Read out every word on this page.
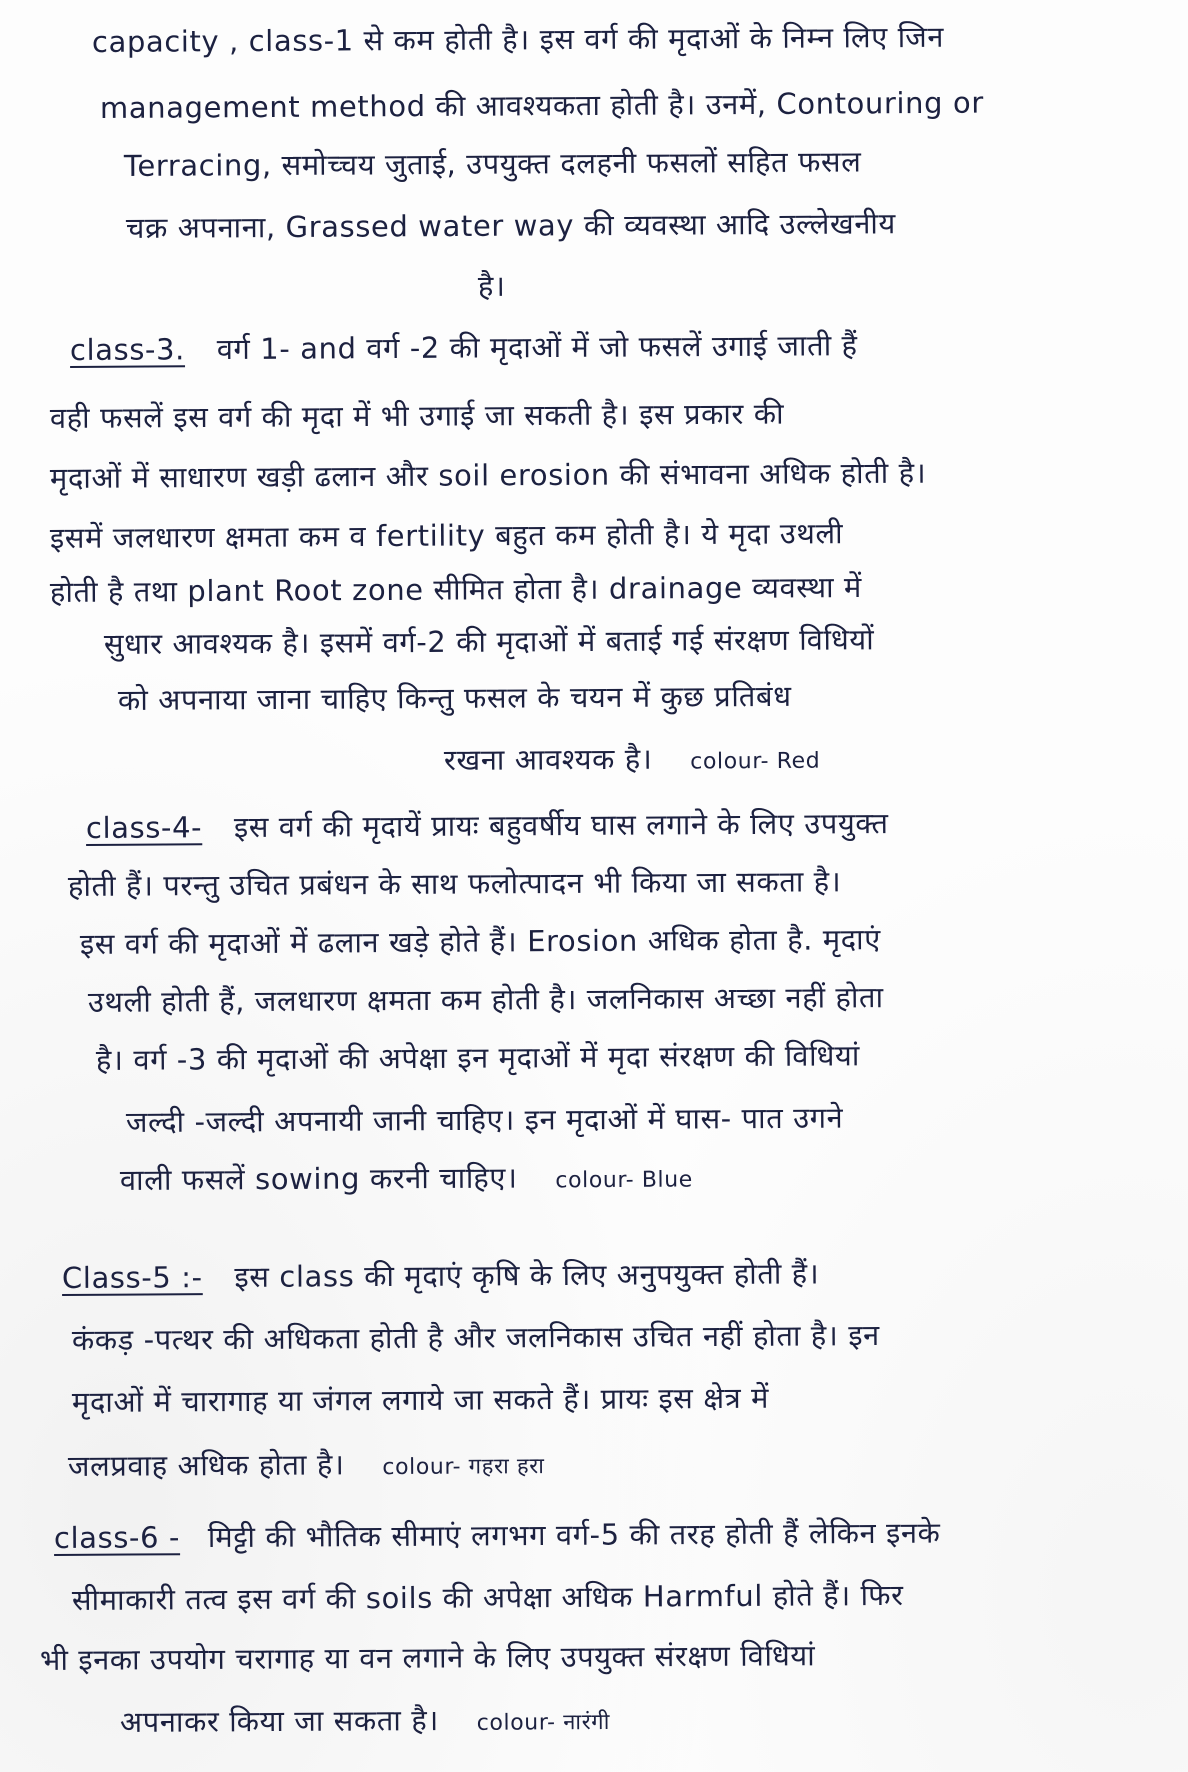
capacity , class-1 से कम होती है। इस वर्ग की मृदाओं के निम्न लिए जिन
management method की आवश्यकता होती है। उनमें, Contouring or
Terracing, समोच्चय जुताई, उपयुक्त दलहनी फसलों सहित फसल
चक्र अपनाना, Grassed water way की व्यवस्था आदि उल्लेखनीय
है।
class-3. वर्ग 1- and वर्ग -2 की मृदाओं में जो फसलें उगाई जाती हैं
वही फसलें इस वर्ग की मृदा में भी उगाई जा सकती है। इस प्रकार की
मृदाओं में साधारण खड़ी ढलान और soil erosion की संभावना अधिक होती है।
इसमें जलधारण क्षमता कम व fertility बहुत कम होती है। ये मृदा उथली
होती है तथा plant Root zone सीमित होता है। drainage व्यवस्था में
सुधार आवश्यक है। इसमें वर्ग-2 की मृदाओं में बताई गई संरक्षण विधियों
को अपनाया जाना चाहिए किन्तु फसल के चयन में कुछ प्रतिबंध
रखना आवश्यक है। colour- Red
class-4- इस वर्ग की मृदायें प्रायः बहुवर्षीय घास लगाने के लिए उपयुक्त
होती हैं। परन्तु उचित प्रबंधन के साथ फलोत्पादन भी किया जा सकता है।
इस वर्ग की मृदाओं में ढलान खड़े होते हैं। Erosion अधिक होता है. मृदाएं
उथली होती हैं, जलधारण क्षमता कम होती है। जलनिकास अच्छा नहीं होता
है। वर्ग -3 की मृदाओं की अपेक्षा इन मृदाओं में मृदा संरक्षण की विधियां
जल्दी -जल्दी अपनायी जानी चाहिए। इन मृदाओं में घास- पात उगने
वाली फसलें sowing करनी चाहिए। colour- Blue
Class-5 :- इस class की मृदाएं कृषि के लिए अनुपयुक्त होती हैं।
कंकड़ -पत्थर की अधिकता होती है और जलनिकास उचित नहीं होता है। इन
मृदाओं में चारागाह या जंगल लगाये जा सकते हैं। प्रायः इस क्षेत्र में
जलप्रवाह अधिक होता है। colour- गहरा हरा
class-6 - मिट्टी की भौतिक सीमाएं लगभग वर्ग-5 की तरह होती हैं लेकिन इनके
सीमाकारी तत्व इस वर्ग की soils की अपेक्षा अधिक Harmful होते हैं। फिर
भी इनका उपयोग चरागाह या वन लगाने के लिए उपयुक्त संरक्षण विधियां
अपनाकर किया जा सकता है। colour- नारंगी
